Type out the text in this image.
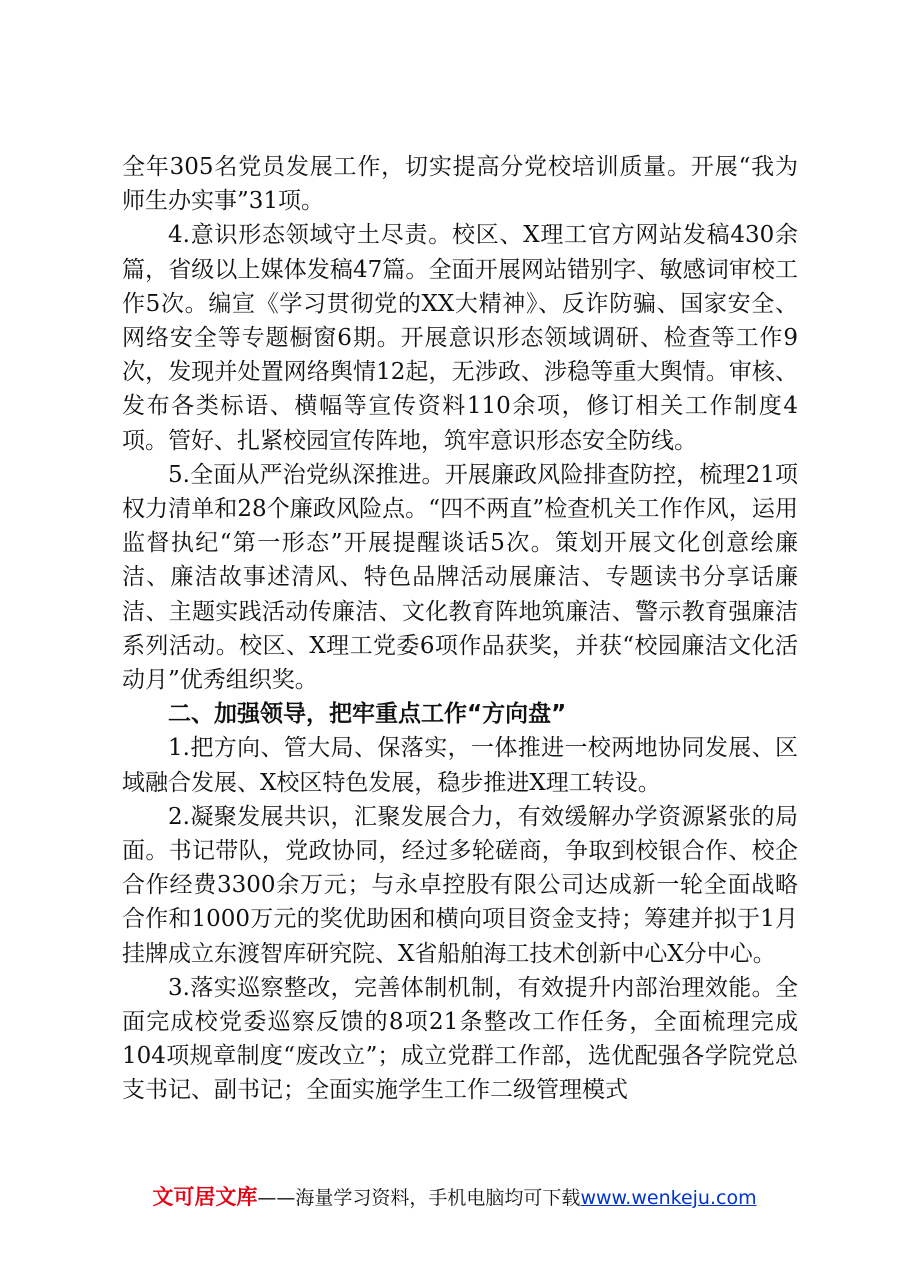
全年305名党员发展工作，切实提高分党校培训质量。开展“我为师生办实事”31项。

4.意识形态领域守土尽责。校区、X理工官方网站发稿430余篇，省级以上媒体发稿47篇。全面开展网站错别字、敏感词审校工作5次。编宣《学习贯彻党的XX大精神》、反诈防骗、国家安全、网络安全等专题橱窗6期。开展意识形态领域调研、检查等工作9次，发现并处置网络舆情12起，无涉政、涉稳等重大舆情。审核、发布各类标语、横幅等宣传资料110余项，修订相关工作制度4项。管好、扎紧校园宣传阵地，筑牢意识形态安全防线。

5.全面从严治党纵深推进。开展廉政风险排查防控，梳理21项权力清单和28个廉政风险点。“四不两直”检查机关工作作风，运用监督执纪“第一形态”开展提醒谈话5次。策划开展文化创意绘廉洁、廉洁故事述清风、特色品牌活动展廉洁、专题读书分享话廉洁、主题实践活动传廉洁、文化教育阵地筑廉洁、警示教育强廉洁系列活动。校区、X理工党委6项作品获奖，并获“校园廉洁文化活动月”优秀组织奖。

二、加强领导，把牢重点工作“方向盘”

1.把方向、管大局、保落实，一体推进一校两地协同发展、区域融合发展、X校区特色发展，稳步推进X理工转设。

2.凝聚发展共识，汇聚发展合力，有效缓解办学资源紧张的局面。书记带队，党政协同，经过多轮磋商，争取到校银合作、校企合作经费3300余万元；与永卓控股有限公司达成新一轮全面战略合作和1000万元的奖优助困和横向项目资金支持；筹建并拟于1月挂牌成立东渡智库研究院、X省船舶海工技术创新中心X分中心。

3.落实巡察整改，完善体制机制，有效提升内部治理效能。全面完成校党委巡察反馈的8项21条整改工作任务，全面梳理完成104项规章制度“废改立”；成立党群工作部，选优配强各学院党总支书记、副书记；全面实施学生工作二级管理模式

文可居文库——海量学习资料，手机电脑均可下载www.wenkeju.com
